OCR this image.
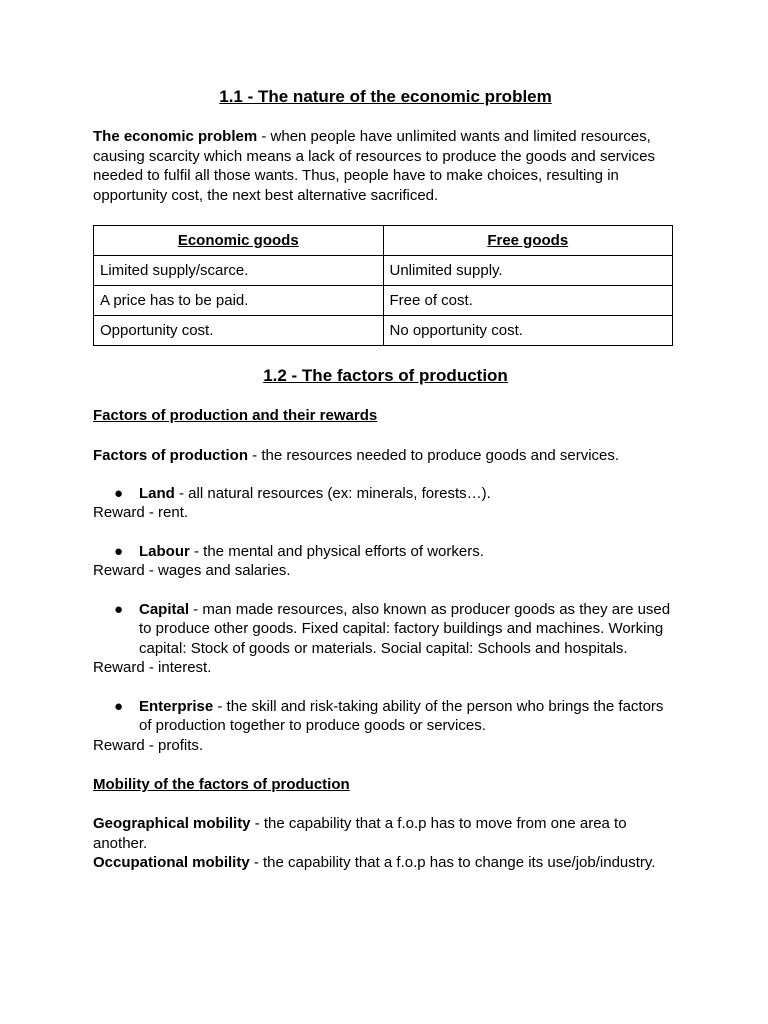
1.1 - The nature of the economic problem

The economic problem - when people have unlimited wants and limited resources, causing scarcity which means a lack of resources to produce the goods and services needed to fulfil all those wants. Thus, people have to make choices, resulting in opportunity cost, the next best alternative sacrificed.

Economic goods	Free goods
Limited supply/scarce.	Unlimited supply.
A price has to be paid.	Free of cost.
Opportunity cost.	No opportunity cost.
1.2 - The factors of production
Factors of production and their rewards

Factors of production - the resources needed to produce goods and services.

● Land - all natural resources (ex: minerals, forests…).

Reward - rent.

● Labour - the mental and physical efforts of workers.

Reward - wages and salaries.

● Capital - man made resources, also known as producer goods as they are used to produce other goods. Fixed capital: factory buildings and machines. Working capital: Stock of goods or materials. Social capital: Schools and hospitals.

Reward - interest.

● Enterprise - the skill and risk-taking ability of the person who brings the factors of production together to produce goods or services.

Reward - profits.

Mobility of the factors of production

Geographical mobility - the capability that a f.o.p has to move from one area to another.

Occupational mobility - the capability that a f.o.p has to change its use/job/industry.
